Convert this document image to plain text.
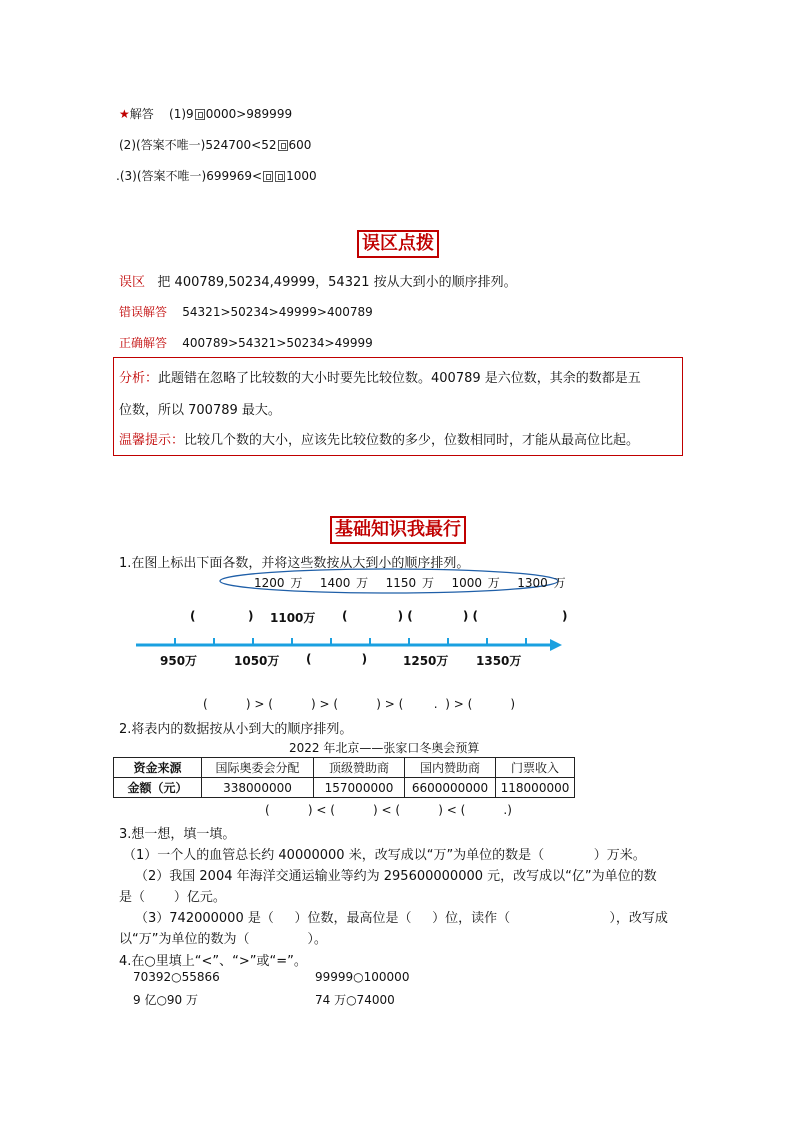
★解答 (1)9 0000>989999
(2)(答案不唯一)524700<52 600
.(3)(答案不唯一)699969< 1000
误区点拨
误区 把 400789,50234,49999，54321 按从大到小的顺序排列。
错误解答 54321>50234>49999>400789
正确解答 400789>54321>50234>49999
分析：此题错在忽略了比较数的大小时要先比较位数。400789 是六位数，其余的数都是五
位数，所以 700789 最大。
温馨提示：比较几个数的大小，应该先比较位数的多少，位数相同时，才能从最高位比起。
基础知识我最行
1.在图上标出下面各数，并将这些数按从大到小的顺序排列。
1200 万 1400 万 1150 万 1000 万 1300 万
(	) 1100万 (            ) (            ) (	)
950万	1050万 (            )	1250万 1350万
(          ) > (          ) > (          ) > (        .  ) > (          )
2.将表内的数据按从小到大的顺序排列。
2022 年北京——张家口冬奥会预算
资金来源	国际奥委会分配	顶级赞助商	国内赞助商	门票收入
金额（元）	338000000	157000000	6600000000	118000000
(          ) < (          ) < (          ) < (          .)
3.想一想，填一填。
（1）一个人的血管总长约 40000000 米，改写成以“万”为单位的数是（            ）万米。
（2）我国 2004 年海洋交通运输业等约为 295600000000 元，改写成以“亿”为单位的数
是（       ）亿元。
（3）742000000 是（     ）位数，最高位是（     ）位，读作（                        ），改写成
以“万”为单位的数为（              ）。
4.在○里填上“<”、“>”或“=”。
70392○55866	99999○100000
9 亿○90 万	74 万○74000
